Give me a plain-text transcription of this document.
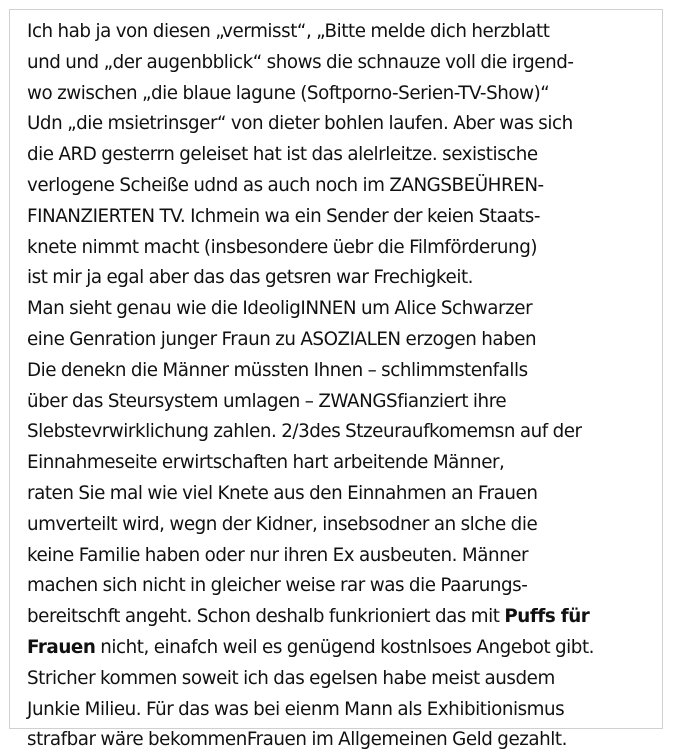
Ich hab ja von diesen „vermisst“, „Bitte melde dich herzblatt
und und „der augenbblick“ shows die schnauze voll die irgend-
wo zwischen „die blaue lagune (Softporno-Serien-TV-Show)“
Udn „die msietrinsger“ von dieter bohlen laufen. Aber was sich
die ARD gesterrn geleiset hat ist das alelrleitze. sexistische
verlogene Scheiße udnd as auch noch im ZANGSBEÜHREN-
FINANZIERTEN TV. Ichmein wa ein Sender der keien Staats-
knete nimmt macht (insbesondere üebr die Filmförderung)
ist mir ja egal aber das das getsren war Frechigkeit.
Man sieht genau wie die IdeoligINNEN um Alice Schwarzer
eine Genration junger Fraun zu ASOZIALEN erzogen haben
Die denekn die Männer müssten Ihnen – schlimmstenfalls
über das Steursystem umlagen – ZWANGSfianziert ihre
Slebstevrwirklichung zahlen. 2/3des Stzeuraufkomemsn auf der
Einnahmeseite erwirtschaften hart arbeitende Männer,
raten Sie mal wie viel Knete aus den Einnahmen an Frauen
umverteilt wird, wegn der Kidner, insebsodner an slche die
keine Familie haben oder nur ihren Ex ausbeuten. Männer
machen sich nicht in gleicher weise rar was die Paarungs-
bereitschft angeht. Schon deshalb funkrioniert das mit Puffs für
Frauen nicht, einafch weil es genügend kostnlsoes Angebot gibt.
Stricher kommen soweit ich das egelsen habe meist ausdem
Junkie Milieu. Für das was bei eienm Mann als Exhibitionismus
strafbar wäre bekommenFrauen im Allgemeinen Geld gezahlt.
